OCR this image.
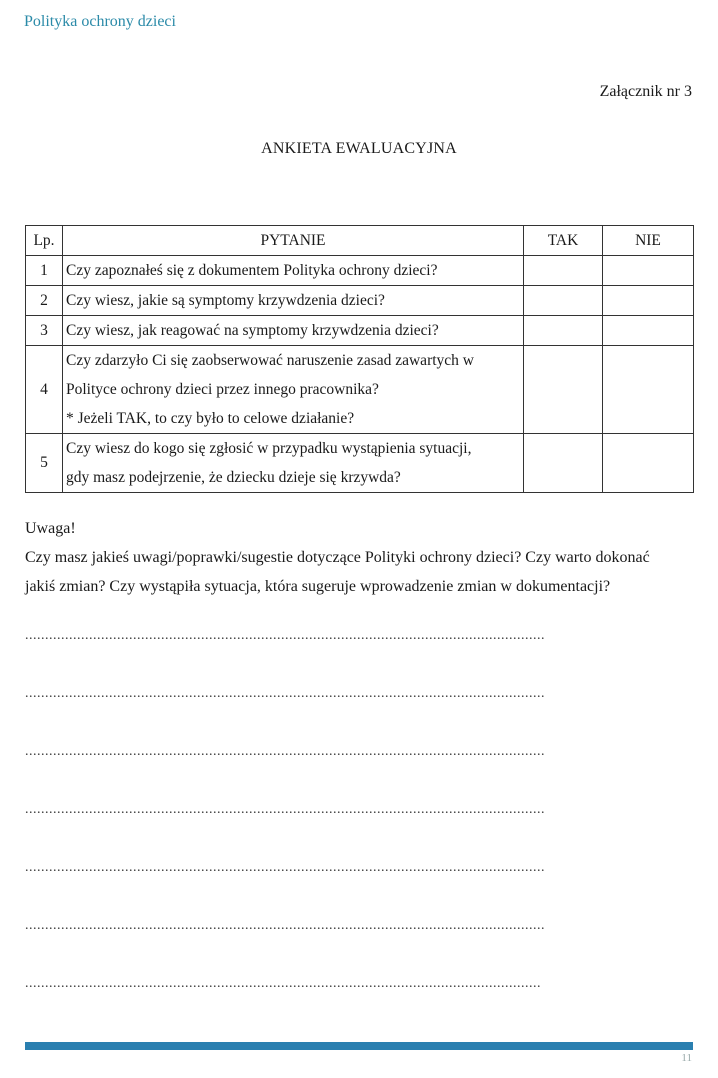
Polityka ochrony dzieci
Załącznik nr 3
ANKIETA EWALUACYJNA
Lp.	PYTANIE	TAK	NIE
1	Czy zapoznałeś się z dokumentem Polityka ochrony dzieci?		

2	Czy wiesz, jakie są symptomy krzywdzenia dzieci?		

3	Czy wiesz, jak reagować na symptomy krzywdzenia dzieci?		

4	Czy zdarzyło Ci się zaobserwować naruszenie zasad zawartych w
Polityce ochrony dzieci przez innego pracownika?
* Jeżeli TAK, to czy było to celowe działanie?		

5	Czy wiesz do kogo się zgłosić w przypadku wystąpienia sytuacji,
gdy masz podejrzenie, że dziecku dzieje się krzywda?		

Uwaga!
Czy masz jakieś uwagi/poprawki/sugestie dotyczące Polityki ochrony dzieci? Czy warto dokonać
jakiś zmian? Czy wystąpiła sytuacja, która sugeruje wprowadzenie zmian w dokumentacji?
..................................................................................................................................
..................................................................................................................................
..................................................................................................................................
..................................................................................................................................
..................................................................................................................................
..................................................................................................................................
.................................................................................................................................
11
